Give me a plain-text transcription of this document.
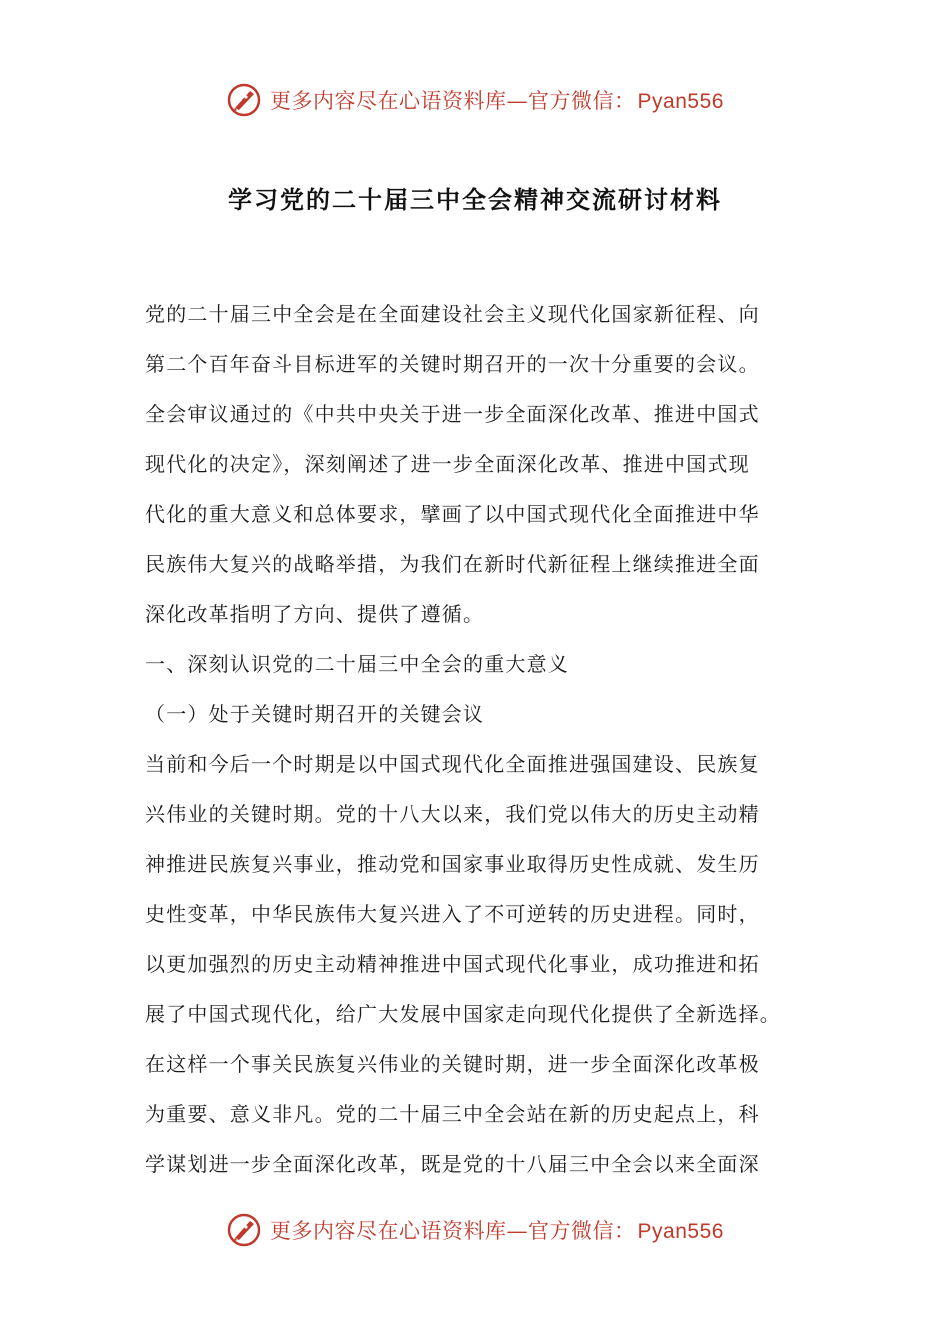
更多内容尽在心语资料库—官方微信：Pyan556
学习党的二十届三中全会精神交流研讨材料
党的二十届三中全会是在全面建设社会主义现代化国家新征程、向
第二个百年奋斗目标进军的关键时期召开的一次十分重要的会议。
全会审议通过的《中共中央关于进一步全面深化改革、推进中国式
现代化的决定》，深刻阐述了进一步全面深化改革、推进中国式现
代化的重大意义和总体要求，擘画了以中国式现代化全面推进中华
民族伟大复兴的战略举措，为我们在新时代新征程上继续推进全面
深化改革指明了方向、提供了遵循。
一、深刻认识党的二十届三中全会的重大意义
（一）处于关键时期召开的关键会议
当前和今后一个时期是以中国式现代化全面推进强国建设、民族复
兴伟业的关键时期。党的十八大以来，我们党以伟大的历史主动精
神推进民族复兴事业，推动党和国家事业取得历史性成就、发生历
史性变革，中华民族伟大复兴进入了不可逆转的历史进程。同时，
以更加强烈的历史主动精神推进中国式现代化事业，成功推进和拓
展了中国式现代化，给广大发展中国家走向现代化提供了全新选择。
在这样一个事关民族复兴伟业的关键时期，进一步全面深化改革极
为重要、意义非凡。党的二十届三中全会站在新的历史起点上，科
学谋划进一步全面深化改革，既是党的十八届三中全会以来全面深
更多内容尽在心语资料库—官方微信：Pyan556
